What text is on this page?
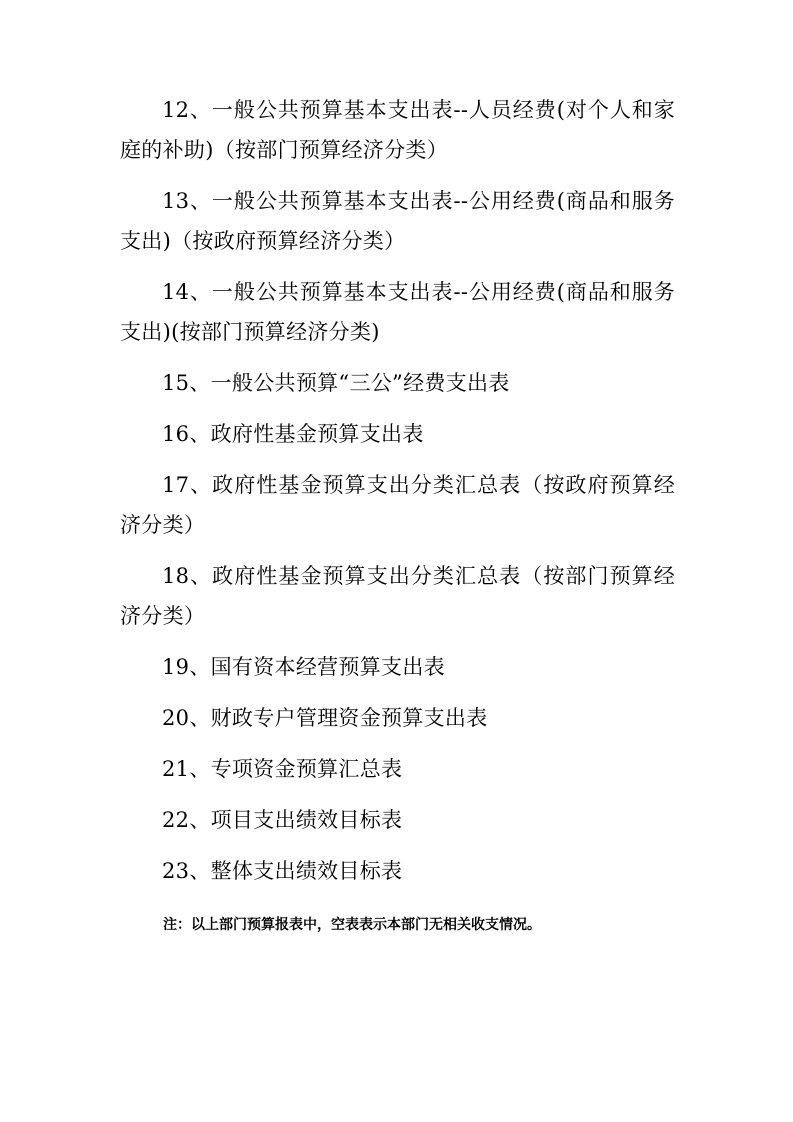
12、一般公共预算基本支出表--人员经费(对个人和家庭的补助)（按部门预算经济分类）

13、一般公共预算基本支出表--公用经费(商品和服务支出)（按政府预算经济分类）

14、一般公共预算基本支出表--公用经费(商品和服务支出)(按部门预算经济分类)

15、一般公共预算“三公”经费支出表

16、政府性基金预算支出表

17、政府性基金预算支出分类汇总表（按政府预算经济分类）

18、政府性基金预算支出分类汇总表（按部门预算经济分类）

19、国有资本经营预算支出表

20、财政专户管理资金预算支出表

21、专项资金预算汇总表

22、项目支出绩效目标表

23、整体支出绩效目标表

注：以上部门预算报表中，空表表示本部门无相关收支情况。
